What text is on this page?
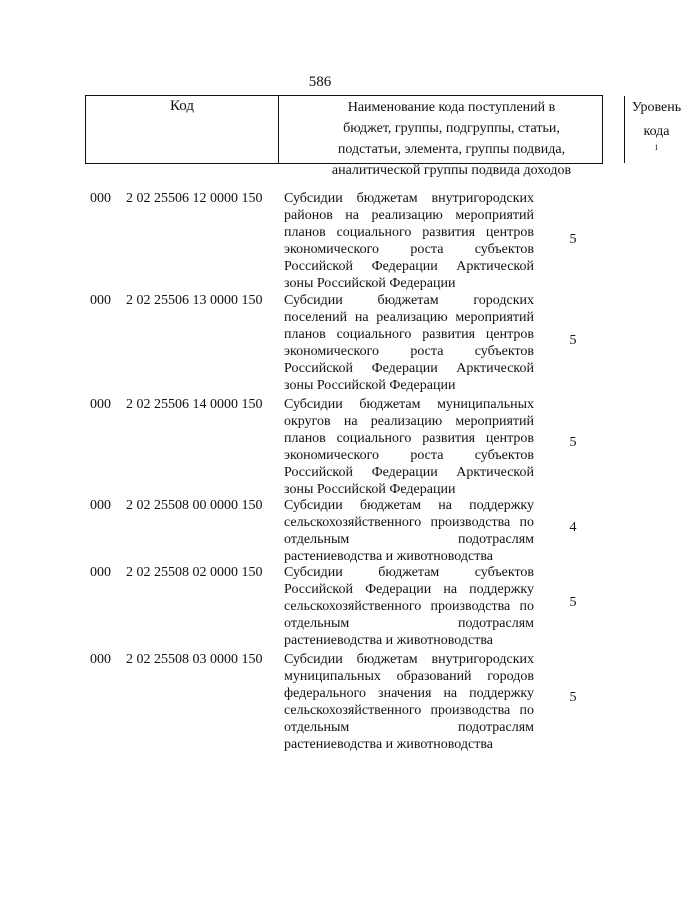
586
Код	Наименование кода поступлений в
бюджет, группы, подгруппы, статьи,
подстатьи, элемента, группы подвида,
аналитической группы подвида доходов
Уровень
кода
$^1$
000 2 02 25506 12 0000 150 Субсидии бюджетам внутригородских
районов на реализацию мероприятий
планов социального развития центров
экономического роста субъектов
Российской Федерации Арктической
зоны Российской Федерации
5
000 2 02 25506 13 0000 150 Субсидии бюджетам городских
поселений на реализацию мероприятий
планов социального развития центров
экономического роста субъектов
Российской Федерации Арктической
зоны Российской Федерации
5
000 2 02 25506 14 0000 150 Субсидии бюджетам муниципальных
округов на реализацию мероприятий
планов социального развития центров
экономического роста субъектов
Российской Федерации Арктической
зоны Российской Федерации
5
000 2 02 25508 00 0000 150 Субсидии бюджетам на поддержку
сельскохозяйственного производства по
отдельным подотраслям
растениеводства и животноводства
4
000 2 02 25508 02 0000 150 Субсидии бюджетам субъектов
Российской Федерации на поддержку
сельскохозяйственного производства по
отдельным подотраслям
растениеводства и животноводства
5
000 2 02 25508 03 0000 150 Субсидии бюджетам внутригородских
муниципальных образований городов
федерального значения на поддержку
сельскохозяйственного производства по
отдельным подотраслям
растениеводства и животноводства
5
